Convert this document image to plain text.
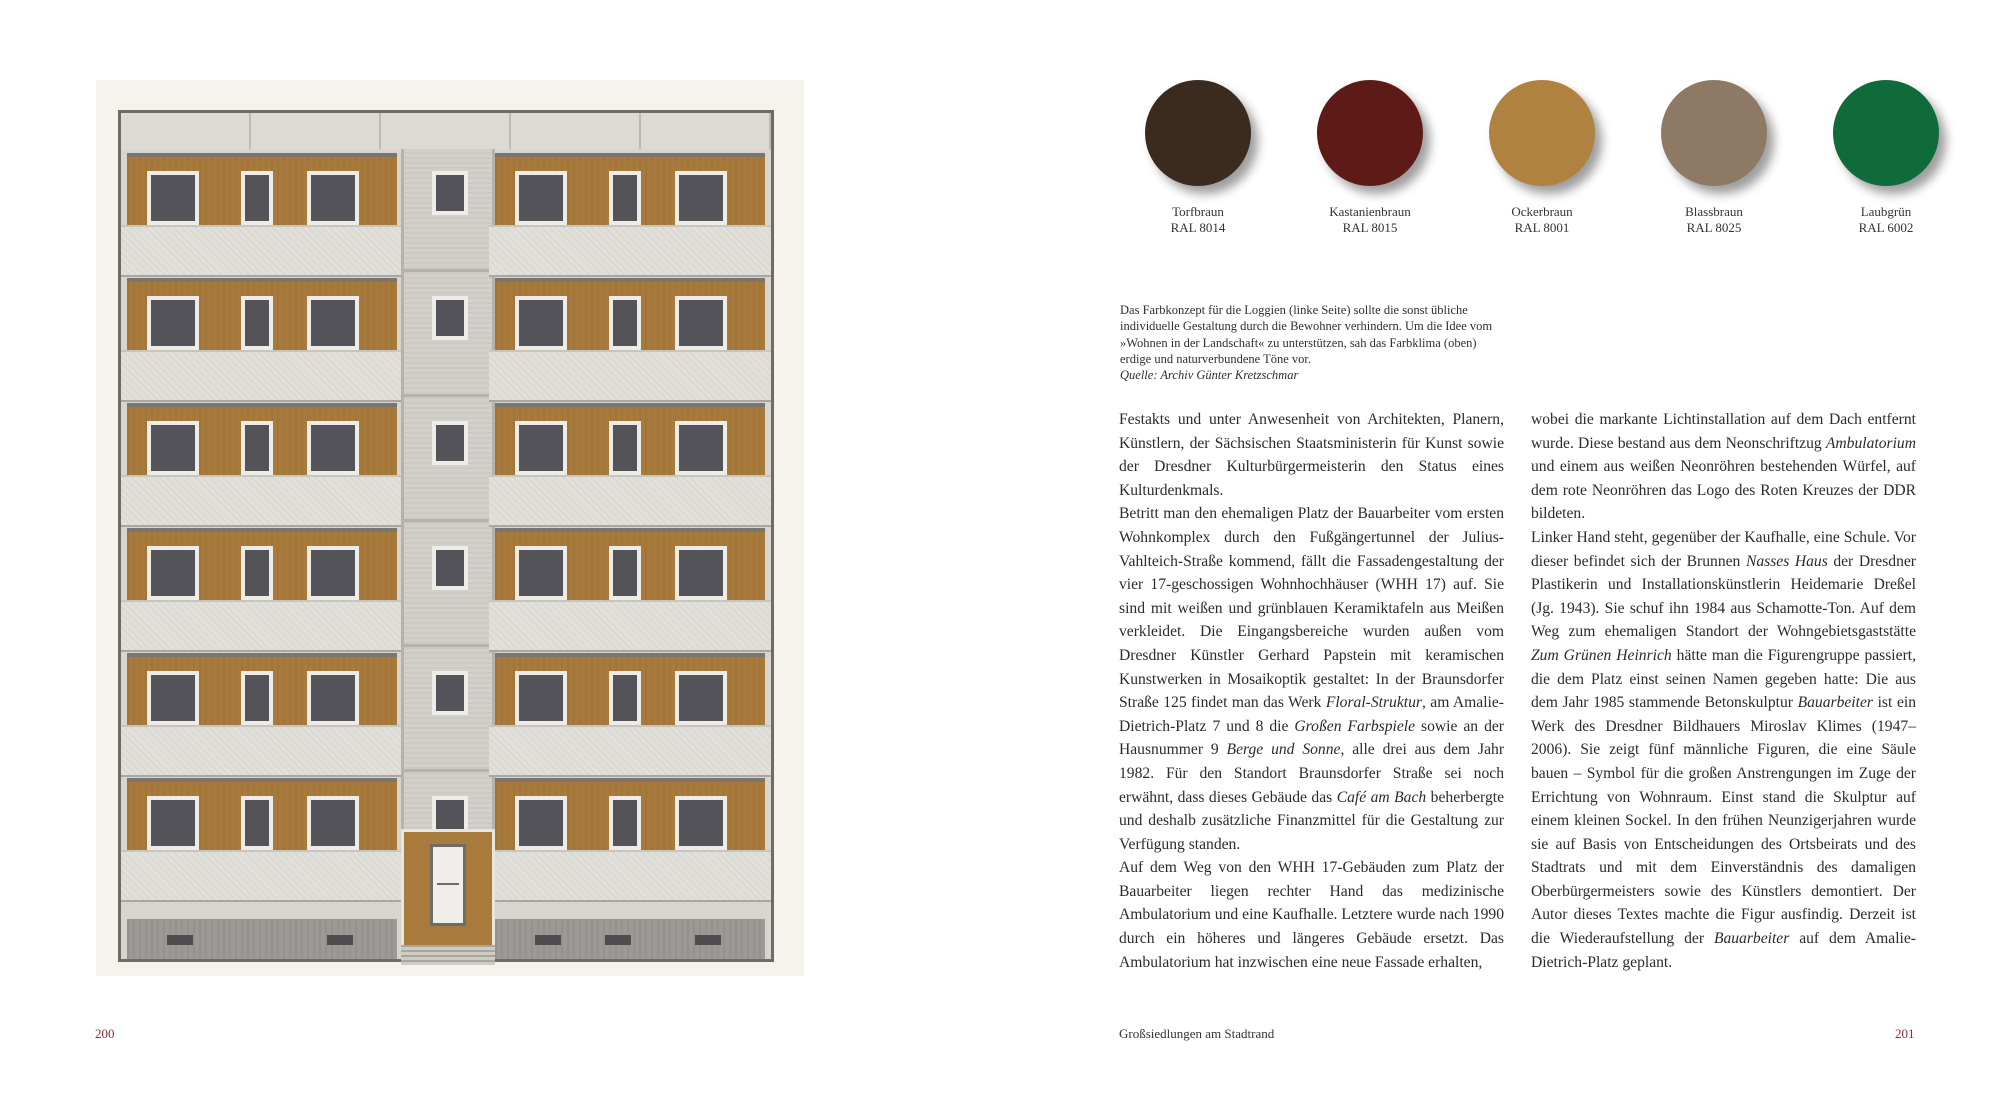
200
Torfbraun
RAL 8014
Kastanienbraun
RAL 8015
Ockerbraun
RAL 8001
Blassbraun
RAL 8025
Laubgrün
RAL 6002
Das Farbkonzept für die Loggien (linke Seite) sollte die sonst übliche individuelle Gestaltung durch die Bewohner verhindern. Um die Idee vom »Wohnen in der Landschaft« zu unterstützen, sah das Farbklima (oben) erdige und naturverbundene Töne vor.
Quelle: Archiv Günter Kretzschmar

Festakts und unter Anwesenheit von Architekten, Planern, Künstlern, der Sächsischen Staatsministerin für Kunst sowie der Dresdner Kulturbürgermeisterin den Status eines Kulturdenkmals.

Betritt man den ehemaligen Platz der Bauarbeiter vom ersten Wohnkomplex durch den Fußgängertunnel der Julius-Vahlteich-Straße kommend, fällt die Fassadengestaltung der vier 17-geschossigen Wohnhochhäuser (WHH 17) auf. Sie sind mit weißen und grünblauen Keramiktafeln aus Meißen verkleidet. Die Eingangsbereiche wurden außen vom Dresdner Künstler Gerhard Papstein mit keramischen Kunstwerken in Mosaikoptik gestaltet: In der Braunsdorfer Straße 125 findet man das Werk Floral-Struktur, am Amalie-Dietrich-Platz 7 und 8 die Großen Farbspiele sowie an der Hausnummer 9 Berge und Sonne, alle drei aus dem Jahr 1982. Für den Standort Braunsdorfer Straße sei noch erwähnt, dass dieses Gebäude das Café am Bach beherbergte und deshalb zusätzliche Finanzmittel für die Gestaltung zur Verfügung standen.

Auf dem Weg von den WHH 17-Gebäuden zum Platz der Bauarbeiter liegen rechter Hand das medizinische Ambulatorium und eine Kaufhalle. Letztere wurde nach 1990 durch ein höheres und längeres Gebäude ersetzt. Das Ambulatorium hat inzwischen eine neue Fassade erhalten,

wobei die markante Lichtinstallation auf dem Dach entfernt wurde. Diese bestand aus dem Neonschriftzug Ambulatorium und einem aus weißen Neonröhren bestehenden Würfel, auf dem rote Neonröhren das Logo des Roten Kreuzes der DDR bildeten.

Linker Hand steht, gegenüber der Kaufhalle, eine Schule. Vor dieser befindet sich der Brunnen Nasses Haus der Dresdner Plastikerin und Installationskünstlerin Heidemarie Dreßel (Jg. 1943). Sie schuf ihn 1984 aus Schamotte-Ton. Auf dem Weg zum ehemaligen Standort der Wohngebietsgaststätte Zum Grünen Heinrich hätte man die Figurengruppe passiert, die dem Platz einst seinen Namen gegeben hatte: Die aus dem Jahr 1985 stammende Betonskulptur Bauarbeiter ist ein Werk des Dresdner Bildhauers Miroslav Klimes (1947–2006). Sie zeigt fünf männliche Figuren, die eine Säule bauen – Symbol für die großen Anstrengungen im Zuge der Errichtung von Wohnraum. Einst stand die Skulptur auf einem kleinen Sockel. In den frühen Neunzigerjahren wurde sie auf Basis von Entscheidungen des Ortsbeirats und des Stadtrats und mit dem Einverständnis des damaligen Oberbürgermeisters sowie des Künstlers demontiert. Der Autor dieses Textes machte die Figur ausfindig. Derzeit ist die Wiederaufstellung der Bauarbeiter auf dem Amalie-Dietrich-Platz geplant.

Großsiedlungen am Stadtrand	201
